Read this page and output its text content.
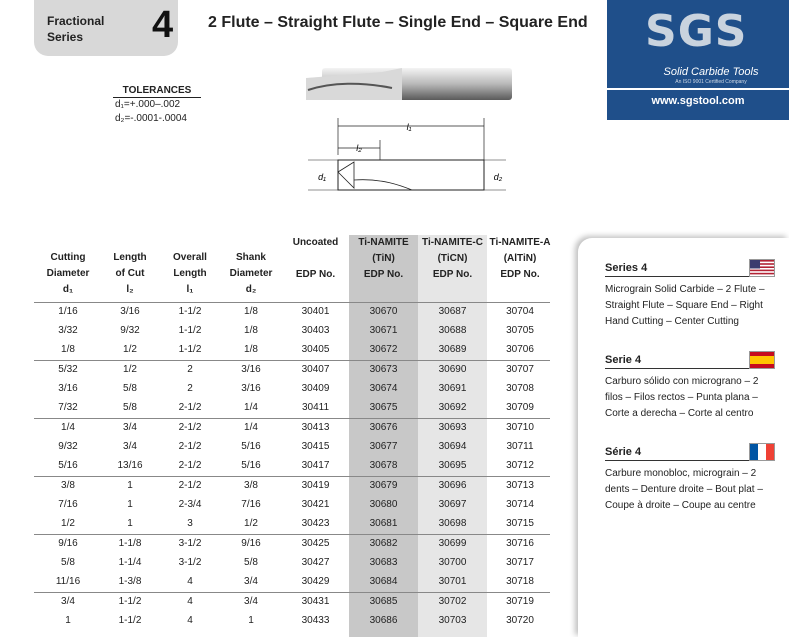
Fractional Series	4 2 Flute – Straight Flute – Single End – Square End SGS
Solid Carbide Tools
An ISO 9001 Certified Company
www.sgstool.com
TOLERANCES
d₁=+.000–.002
d₂=-.0001-.0004
l₁
l₂
d₁	d₂
Cutting
Diameter
d₁
Length
of Cut
l₂
Overall
Length
l₁
Shank
Diameter
d₂
Uncoated
EDP No.
Ti-NAMITE
(TiN)
EDP No.
Ti-NAMITE-C
(TiCN)
EDP No.
Ti-NAMITE-A
(AlTiN)
EDP No.
1/16	3/16	1-1/2	1/8	30401	30670	30687	30704
3/32	9/32	1-1/2	1/8	30403	30671	30688	30705
1/8	1/2	1-1/2	1/8	30405	30672	30689	30706
5/32	1/2	2	3/16	30407	30673	30690	30707
3/16	5/8	2	3/16	30409	30674	30691	30708
7/32	5/8	2-1/2	1/4	30411	30675	30692	30709
1/4	3/4	2-1/2	1/4	30413	30676	30693	30710
9/32	3/4	2-1/2	5/16	30415	30677	30694	30711
5/16	13/16	2-1/2	5/16	30417	30678	30695	30712
3/8	1	2-1/2	3/8	30419	30679	30696	30713
7/16	1	2-3/4	7/16	30421	30680	30697	30714
1/2	1	3	1/2	30423	30681	30698	30715
9/16	1-1/8	3-1/2	9/16	30425	30682	30699	30716
5/8	1-1/4	3-1/2	5/8	30427	30683	30700	30717
11/16	1-3/8	4	3/4	30429	30684	30701	30718
3/4	1-1/2	4	3/4	30431	30685	30702	30719
1	1-1/2	4	1	30433	30686	30703	30720
Series 4
Micrograin Solid Carbide – 2 Flute – Straight Flute – Square End – Right Hand Cutting – Center Cutting
Serie 4
Carburo sólido con micrograno – 2 filos – Filos rectos – Punta plana – Corte a derecha – Corte al centro
Série 4
Carbure monobloc, micrograin – 2 dents – Denture droite – Bout plat – Coupe à droite – Coupe au centre
